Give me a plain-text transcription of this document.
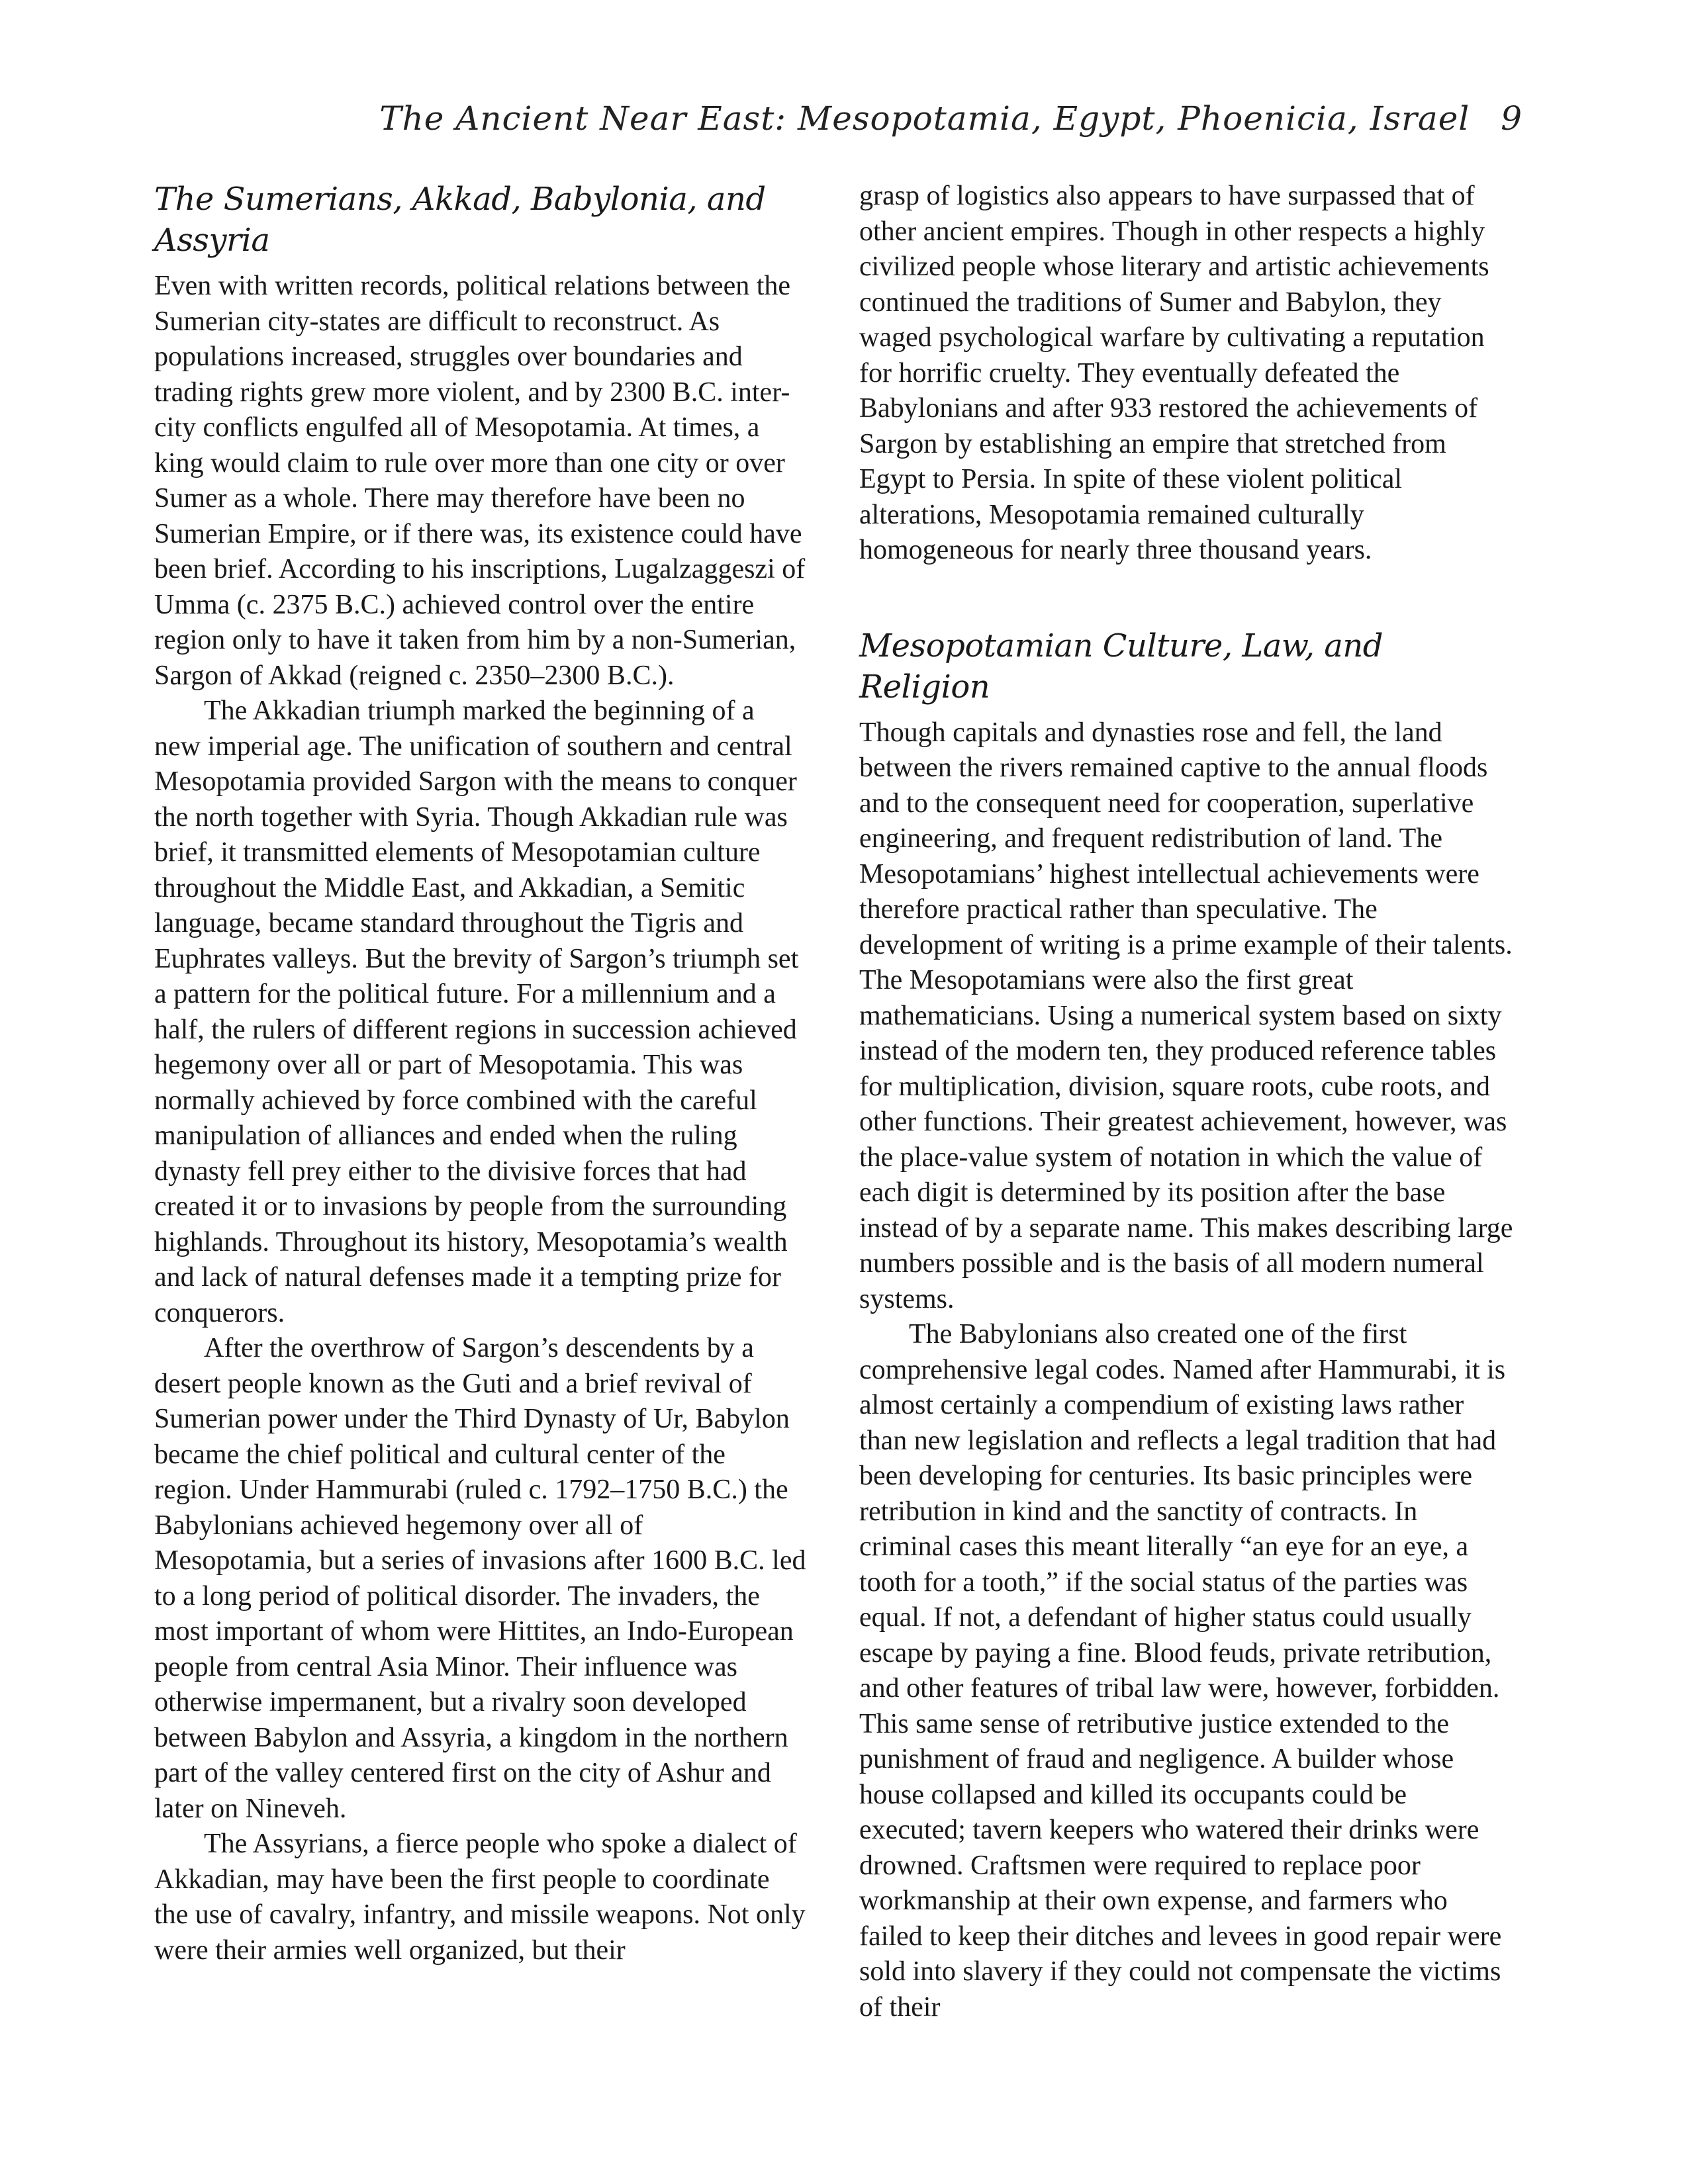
The Ancient Near East: Mesopotamia, Egypt, Phoenicia, Israel 9
The Sumerians, Akkad, Babylonia, and Assyria

Even with written records, political relations between the Sumerian city-states are difficult to reconstruct. As populations increased, struggles over boundaries and trading rights grew more violent, and by 2300 B.C. inter-city conflicts engulfed all of Mesopotamia. At times, a king would claim to rule over more than one city or over Sumer as a whole. There may therefore have been no Sumerian Empire, or if there was, its existence could have been brief. According to his inscriptions, Lugalzaggeszi of Umma (c. 2375 B.C.) achieved control over the entire region only to have it taken from him by a non-Sumerian, Sargon of Akkad (reigned c. 2350–2300 B.C.).

The Akkadian triumph marked the beginning of a new imperial age. The unification of southern and central Mesopotamia provided Sargon with the means to conquer the north together with Syria. Though Akkadian rule was brief, it transmitted elements of Mesopotamian culture throughout the Middle East, and Akkadian, a Semitic language, became standard throughout the Tigris and Euphrates valleys. But the brevity of Sargon’s triumph set a pattern for the political future. For a millennium and a half, the rulers of different regions in succession achieved hegemony over all or part of Mesopotamia. This was normally achieved by force combined with the careful manipulation of alliances and ended when the ruling dynasty fell prey either to the divisive forces that had created it or to invasions by people from the surrounding highlands. Throughout its history, Mesopotamia’s wealth and lack of natural defenses made it a tempting prize for conquerors.

After the overthrow of Sargon’s descendents by a desert people known as the Guti and a brief revival of Sumerian power under the Third Dynasty of Ur, Babylon became the chief political and cultural center of the region. Under Hammurabi (ruled c. 1792–1750 B.C.) the Babylonians achieved hegemony over all of Mesopotamia, but a series of invasions after 1600 B.C. led to a long period of political disorder. The invaders, the most important of whom were Hittites, an Indo-European people from central Asia Minor. Their influence was otherwise impermanent, but a rivalry soon developed between Babylon and Assyria, a kingdom in the northern part of the valley centered first on the city of Ashur and later on Nineveh.

The Assyrians, a fierce people who spoke a dialect of Akkadian, may have been the first people to coordinate the use of cavalry, infantry, and missile weapons. Not only were their armies well organized, but their

grasp of logistics also appears to have surpassed that of other ancient empires. Though in other respects a highly civilized people whose literary and artistic achievements continued the traditions of Sumer and Babylon, they waged psychological warfare by cultivating a reputation for horrific cruelty. They eventually defeated the Babylonians and after 933 restored the achievements of Sargon by establishing an empire that stretched from Egypt to Persia. In spite of these violent political alterations, Mesopotamia remained culturally homogeneous for nearly three thousand years.

Mesopotamian Culture, Law, and Religion

Though capitals and dynasties rose and fell, the land between the rivers remained captive to the annual floods and to the consequent need for cooperation, superlative engineering, and frequent redistribution of land. The Mesopotamians’ highest intellectual achievements were therefore practical rather than speculative. The development of writing is a prime example of their talents. The Mesopotamians were also the first great mathematicians. Using a numerical system based on sixty instead of the modern ten, they produced reference tables for multiplication, division, square roots, cube roots, and other functions. Their greatest achievement, however, was the place-value system of notation in which the value of each digit is determined by its position after the base instead of by a separate name. This makes describing large numbers possible and is the basis of all modern numeral systems.

The Babylonians also created one of the first comprehensive legal codes. Named after Hammurabi, it is almost certainly a compendium of existing laws rather than new legislation and reflects a legal tradition that had been developing for centuries. Its basic principles were retribution in kind and the sanctity of contracts. In criminal cases this meant literally “an eye for an eye, a tooth for a tooth,” if the social status of the parties was equal. If not, a defendant of higher status could usually escape by paying a fine. Blood feuds, private retribution, and other features of tribal law were, however, forbidden. This same sense of retributive justice extended to the punishment of fraud and negligence. A builder whose house collapsed and killed its occupants could be executed; tavern keepers who watered their drinks were drowned. Craftsmen were required to replace poor workmanship at their own expense, and farmers who failed to keep their ditches and levees in good repair were sold into slavery if they could not compensate the victims of their
